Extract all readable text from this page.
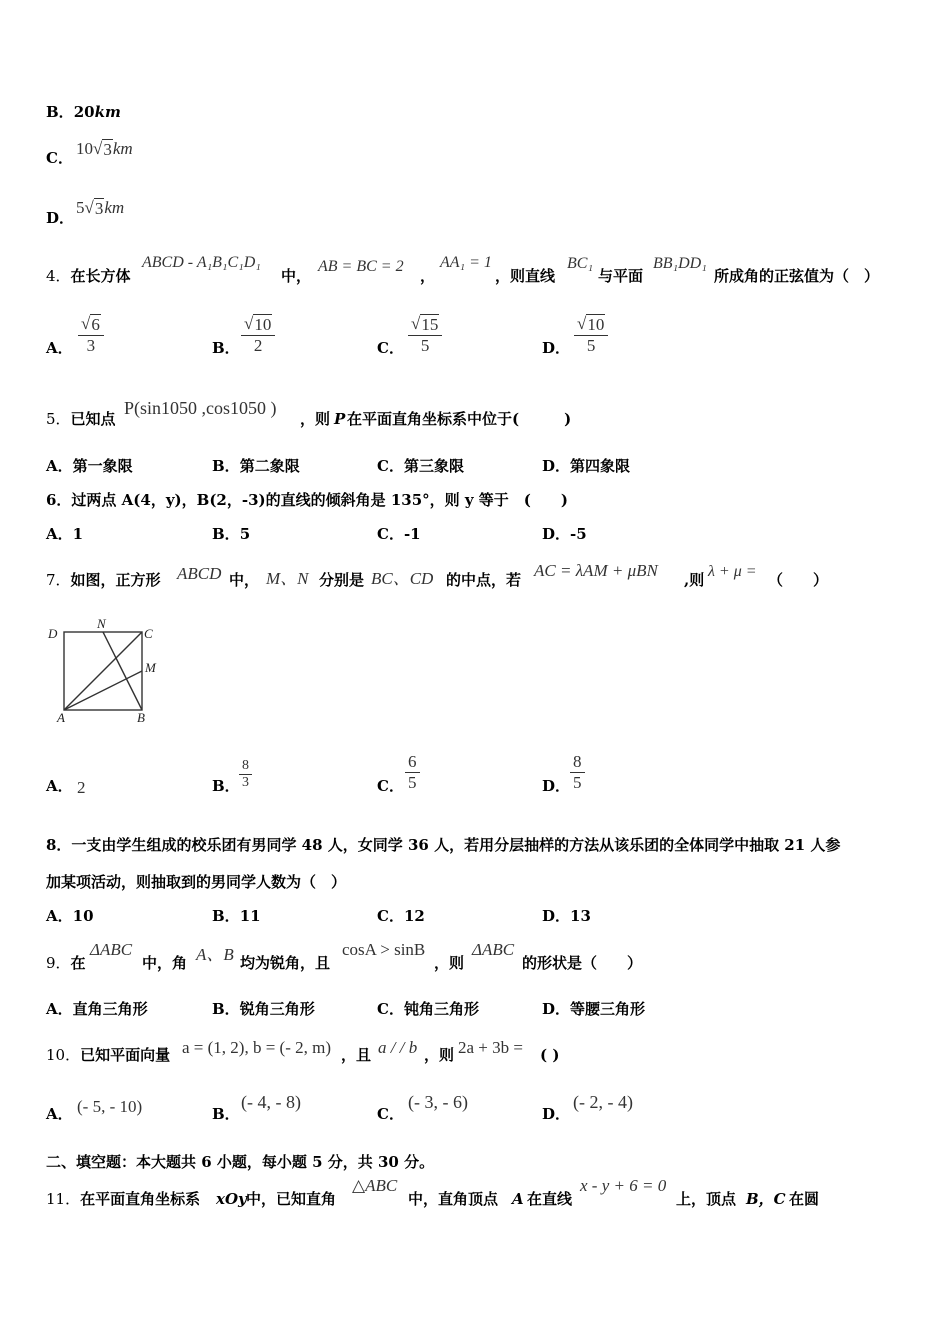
B．20km
C． 10 √ 3 km
D．
5 √ 3 km
4．在长方体
ABCD - A₁B₁C₁D₁
中，
AB = BC = 2
，
AA₁ = 1
，则直线
BC₁
与平面
BB₁DD₁
所成角的正弦值为（　）
A．
√ 6
3	B．
√ 10
2	C．
√ 15
5	D．
√ 10
5
5．已知点
P(sin1050 ,cos1050 )
，则 P 在平面直角坐标系中位于(　　　)
A．第一象限	B．第二象限	C．第三象限	D．第四象限
6．过两点 A(4，y)，B(2，-3)的直线的倾斜角是 135°，则 y 等于　(　　)
A．1	B．5	C．-1	D．-5
7．如图，正方形 ABCD 中， M、N 分别是 BC、CD 的中点，若 AC = λAM + μBN ,则 λ + μ = （　　）
D
N
C
M
A	B
A． 2	B．
8
3	C．
6
5	D．
8
5
8．一支由学生组成的校乐团有男同学 48 人，女同学 36 人，若用分层抽样的方法从该乐团的全体同学中抽取 21 人参
加某项活动，则抽取到的男同学人数为（　）
A．10	B．11	C．12	D．13
9．在
ΔABC
中，角 A、B 均为锐角，且
cosA > sinB
，则
ΔABC
的形状是（　　）
A．直角三角形	B．锐角三角形	C．钝角三角形	D．等腰三角形
10．已知平面向量 a = (1, 2), b = (- 2, m) ，且 a / / b ，则 2a + 3b = ( )
A． (- 5, - 10)	B．
(- 4, - 8)
C．
(- 3, - 6)
D．
(- 2, - 4)
二、填空题：本大题共 6 小题，每小题 5 分，共 30 分。
11．在平面直角坐标系 xOy 中，已知直角
△ABC
中，直角顶点 A 在直线
x - y + 6 = 0
上，顶点 B，C 在圆
